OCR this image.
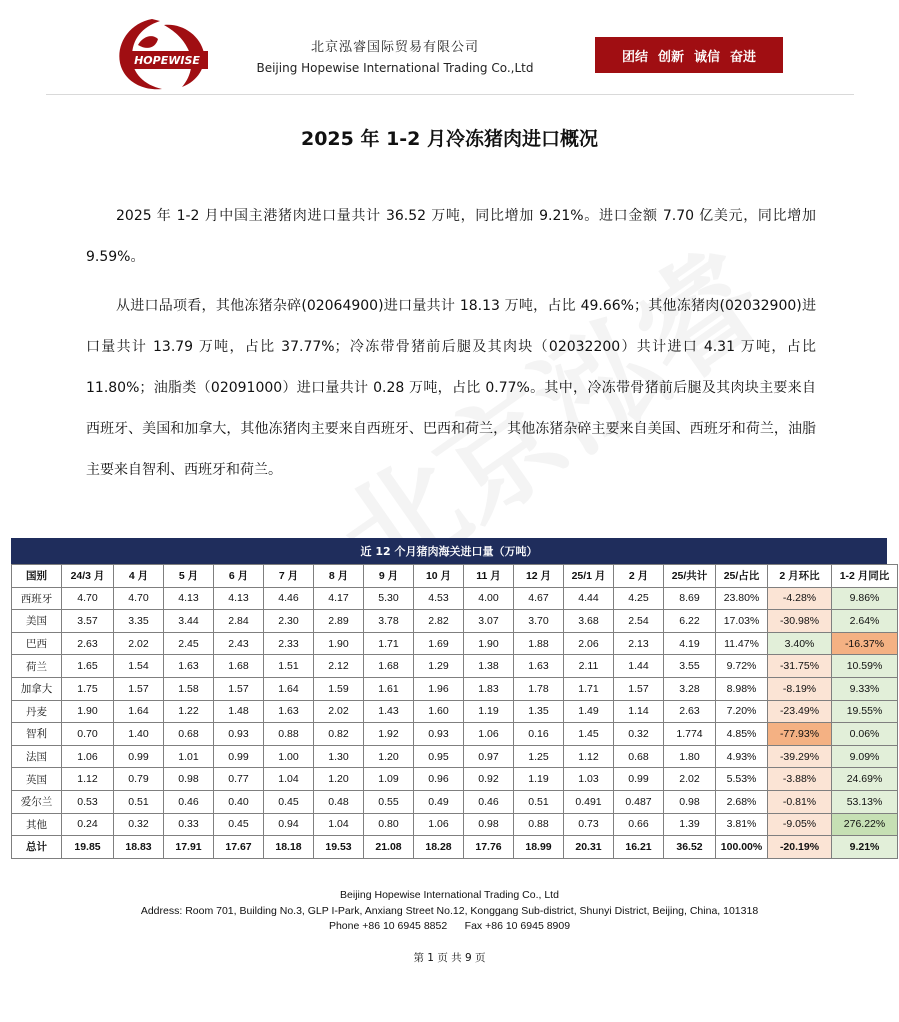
HOPEWISE
北京泓睿国际贸易有限公司
Beijing Hopewise International Trading Co.,Ltd
团结 创新 诚信 奋进
2025 年 1-2 月冷冻猪肉进口概况
2025 年 1-2 月中国主港猪肉进口量共计 36.52 万吨，同比增加 9.21%。进口金额 7.70 亿美元，同比增加 9.59%。
从进口品项看，其他冻猪杂碎(02064900)进口量共计 18.13 万吨，占比 49.66%；其他冻猪肉(02032900)进口量共计 13.79 万吨，占比 37.77%；冷冻带骨猪前后腿及其肉块（02032200）共计进口 4.31 万吨，占比 11.80%；油脂类（02091000）进口量共计 0.28 万吨，占比 0.77%。其中，冷冻带骨猪前后腿及其肉块主要来自西班牙、美国和加拿大，其他冻猪肉主要来自西班牙、巴西和荷兰，其他冻猪杂碎主要来自美国、西班牙和荷兰，油脂主要来自智利、西班牙和荷兰。
近 12 个月猪肉海关进口量（万吨）
国别	24/3 月	4 月	5 月	6 月	7 月	8 月	9 月	10 月	11 月	12 月	25/1 月	2 月	25/共计	25/占比	2 月环比	1-2 月同比
西班牙	4.70	4.70	4.13	4.13	4.46	4.17	5.30	4.53	4.00	4.67	4.44	4.25	8.69	23.80%	-4.28%	9.86%
美国	3.57	3.35	3.44	2.84	2.30	2.89	3.78	2.82	3.07	3.70	3.68	2.54	6.22	17.03%	-30.98%	2.64%
巴西	2.63	2.02	2.45	2.43	2.33	1.90	1.71	1.69	1.90	1.88	2.06	2.13	4.19	11.47%	3.40%	-16.37%
荷兰	1.65	1.54	1.63	1.68	1.51	2.12	1.68	1.29	1.38	1.63	2.11	1.44	3.55	9.72%	-31.75%	10.59%
加拿大	1.75	1.57	1.58	1.57	1.64	1.59	1.61	1.96	1.83	1.78	1.71	1.57	3.28	8.98%	-8.19%	9.33%
丹麦	1.90	1.64	1.22	1.48	1.63	2.02	1.43	1.60	1.19	1.35	1.49	1.14	2.63	7.20%	-23.49%	19.55%
智利	0.70	1.40	0.68	0.93	0.88	0.82	1.92	0.93	1.06	0.16	1.45	0.32	1.774	4.85%	-77.93%	0.06%
法国	1.06	0.99	1.01	0.99	1.00	1.30	1.20	0.95	0.97	1.25	1.12	0.68	1.80	4.93%	-39.29%	9.09%
英国	1.12	0.79	0.98	0.77	1.04	1.20	1.09	0.96	0.92	1.19	1.03	0.99	2.02	5.53%	-3.88%	24.69%
爱尔兰	0.53	0.51	0.46	0.40	0.45	0.48	0.55	0.49	0.46	0.51	0.491	0.487	0.98	2.68%	-0.81%	53.13%
其他	0.24	0.32	0.33	0.45	0.94	1.04	0.80	1.06	0.98	0.88	0.73	0.66	1.39	3.81%	-9.05%	276.22%
总计	19.85	18.83	17.91	17.67	18.18	19.53	21.08	18.28	17.76	18.99	20.31	16.21	36.52	100.00%	-20.19%	9.21%
Beijing Hopewise International Trading Co., Ltd
Address: Room 701, Building No.3, GLP I-Park, Anxiang Street No.12, Konggang Sub-district, Shunyi District, Beijing, China, 101318
Phone +86 10 6945 8852      Fax +86 10 6945 8909
第 1 页 共 9 页
